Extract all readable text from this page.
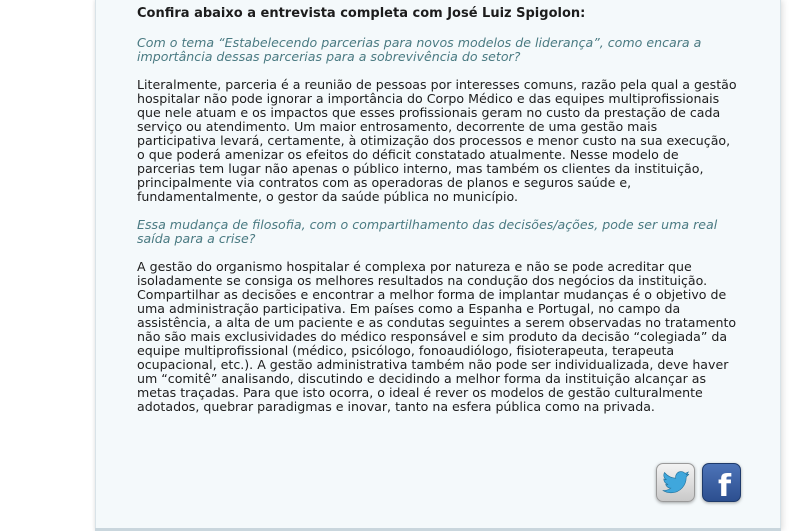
Confira abaixo a entrevista completa com José Luiz Spigolon:

Com o tema “Estabelecendo parcerias para novos modelos de liderança”, como encara a importância dessas parcerias para a sobrevivência do setor?

Literalmente, parceria é a reunião de pessoas por interesses comuns, razão pela qual a gestão hospitalar não pode ignorar a importância do Corpo Médico e das equipes multiprofissionais que nele atuam e os impactos que esses profissionais geram no custo da prestação de cada serviço ou atendimento. Um maior entrosamento, decorrente de uma gestão mais participativa levará, certamente, à otimização dos processos e menor custo na sua execução, o que poderá amenizar os efeitos do déficit constatado atualmente. Nesse modelo de parcerias tem lugar não apenas o público interno, mas também os clientes da instituição, principalmente via contratos com as operadoras de planos e seguros saúde e, fundamentalmente, o gestor da saúde pública no município.

Essa mudança de filosofia, com o compartilhamento das decisões/ações, pode ser uma real saída para a crise?

A gestão do organismo hospitalar é complexa por natureza e não se pode acreditar que isoladamente se consiga os melhores resultados na condução dos negócios da instituição. Compartilhar as decisões e encontrar a melhor forma de implantar mudanças é o objetivo de uma administração participativa. Em países como a Espanha e Portugal, no campo da assistência, a alta de um paciente e as condutas seguintes a serem observadas no tratamento não são mais exclusividades do médico responsável e sim produto da decisão “colegiada” da equipe multiprofissional (médico, psicólogo, fonoaudiólogo, fisioterapeuta, terapeuta ocupacional, etc.). A gestão administrativa também não pode ser individualizada, deve haver um “comitê” analisando, discutindo e decidindo a melhor forma da instituição alcançar as metas traçadas. Para que isto ocorra, o ideal é rever os modelos de gestão culturalmente adotados, quebrar paradigmas e inovar, tanto na esfera pública como na privada.

f
